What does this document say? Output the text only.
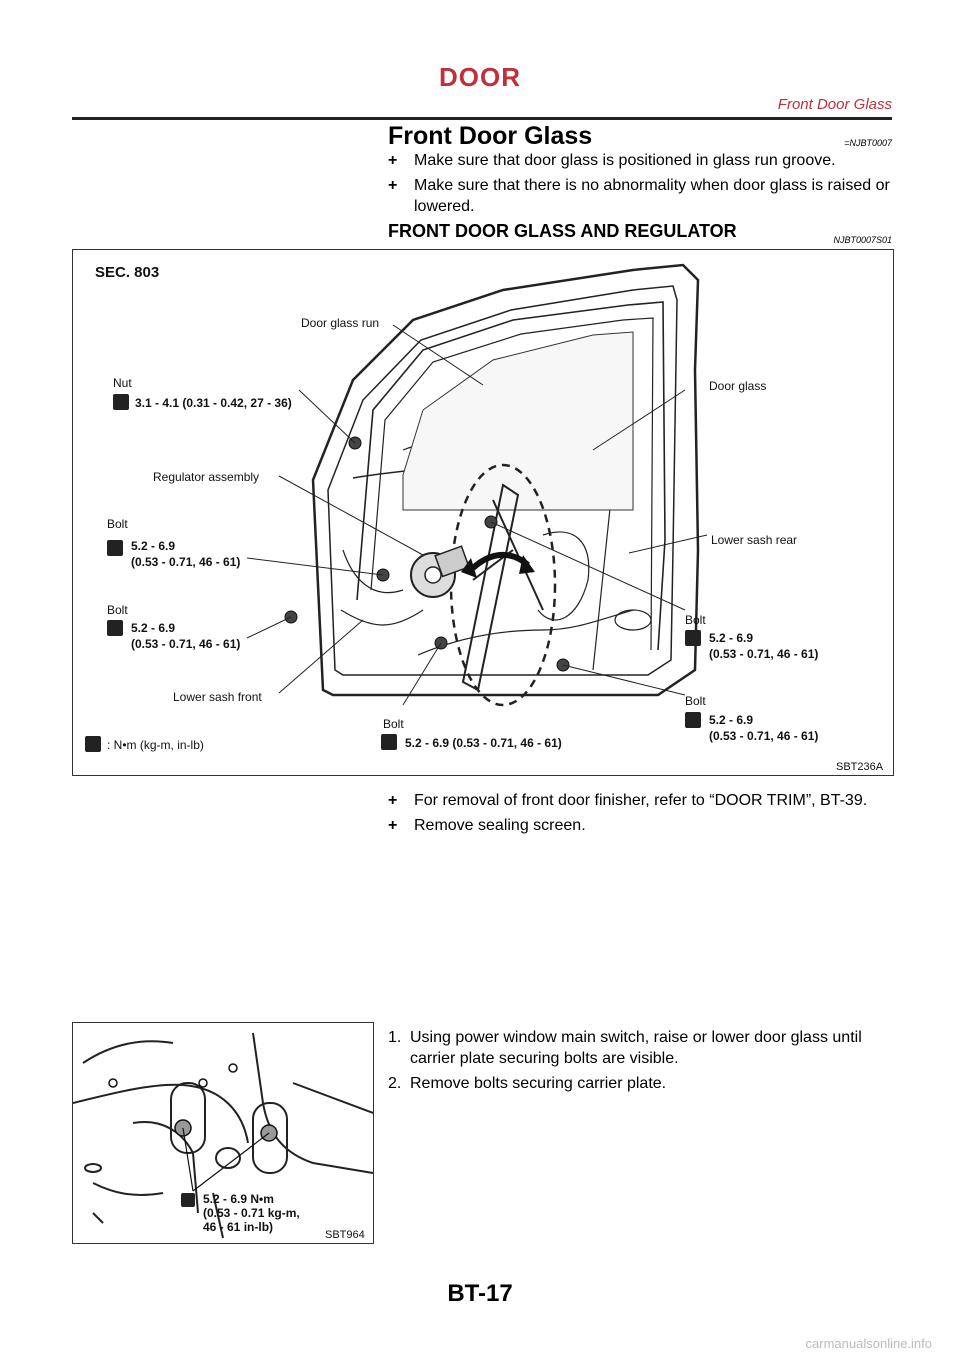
DOOR
Front Door Glass
Front Door Glass	=NJBT0007
+ Make sure that door glass is positioned in glass run groove.
+ Make sure that there is no abnormality when door glass is raised or lowered.
FRONT DOOR GLASS AND REGULATOR	NJBT0007S01
SEC. 803
Door glass run
Nut
3.1 - 4.1 (0.31 - 0.42, 27 - 36)
Door glass
Regulator assembly
Bolt
5.2 - 6.9
(0.53 - 0.71, 46 - 61)
Lower sash rear
Bolt
5.2 - 6.9
(0.53 - 0.71, 46 - 61)
Bolt
5.2 - 6.9
(0.53 - 0.71, 46 - 61)
Lower sash front	Bolt
5.2 - 6.9
(0.53 - 0.71, 46 - 61)
Bolt
5.2 - 6.9 (0.53 - 0.71, 46 - 61)
: N•m (kg-m, in-lb)
SBT236A
+ For removal of front door finisher, refer to “DOOR TRIM”, BT-39.
+ Remove sealing screen.
5.2 - 6.9 N•m
(0.53 - 0.71 kg-m,
46 - 61 in-lb)
SBT964
1. Using power window main switch, raise or lower door glass until carrier plate securing bolts are visible.
2. Remove bolts securing carrier plate.
BT-17
carmanualsonline.info
